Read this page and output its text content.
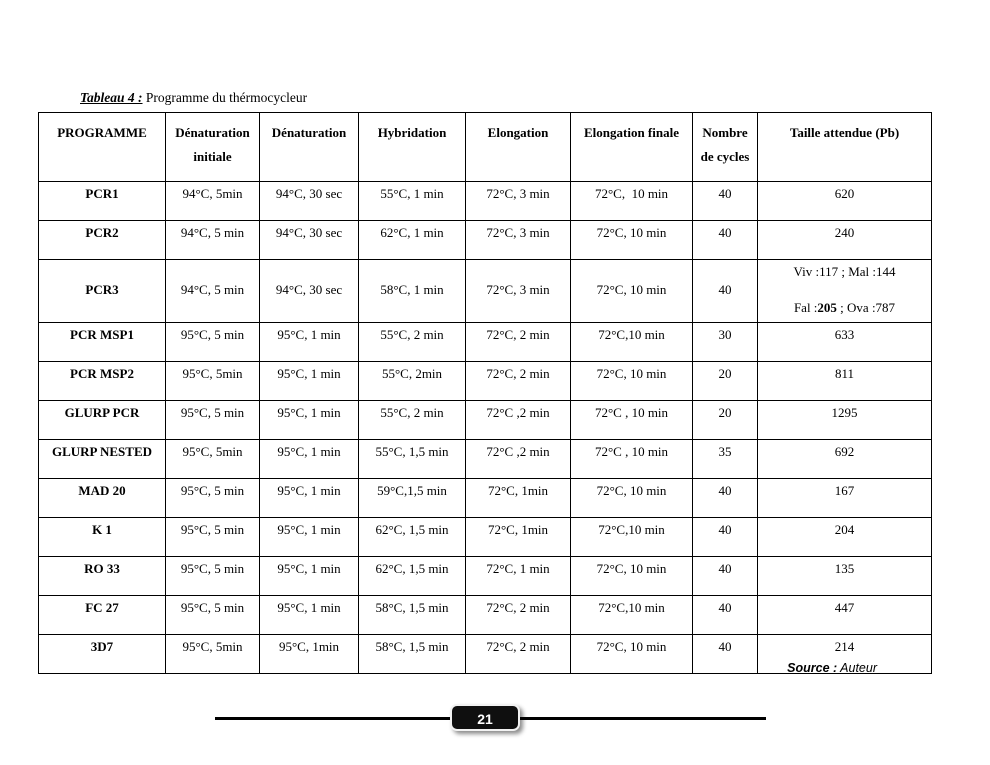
Tableau 4 : Programme du thérmocycleur
PROGRAMME	Dénaturation initiale	Dénaturation	Hybridation	Elongation	Elongation finale	Nombre de cycles	Taille attendue (Pb)
PCR1	94°C, 5min	94°C, 30 sec	55°C, 1 min	72°C, 3 min	72°C,  10 min	40	620
PCR2	94°C, 5 min	94°C, 30 sec	62°C, 1 min	72°C, 3 min	72°C, 10 min	40	240
PCR3	94°C, 5 min	94°C, 30 sec	58°C, 1 min	72°C, 3 min	72°C, 10 min	40	Viv :117 ; Mal :144
Fal :205 ; Ova :787

PCR MSP1	95°C, 5 min	95°C, 1 min	55°C, 2 min	72°C, 2 min	72°C,10 min	30	633
PCR MSP2	95°C, 5min	95°C, 1 min	55°C, 2min	72°C, 2 min	72°C, 10 min	20	811
GLURP PCR	95°C, 5 min	95°C, 1 min	55°C, 2 min	72°C ,2 min	72°C , 10 min	20	1295
GLURP NESTED	95°C, 5min	95°C, 1 min	55°C, 1,5 min	72°C ,2 min	72°C , 10 min	35	692
MAD 20	95°C, 5 min	95°C, 1 min	59°C,1,5 min	72°C, 1min	72°C, 10 min	40	167
K 1	95°C, 5 min	95°C, 1 min	62°C, 1,5 min	72°C, 1min	72°C,10 min	40	204
RO 33	95°C, 5 min	95°C, 1 min	62°C, 1,5 min	72°C, 1 min	72°C, 10 min	40	135
FC 27	95°C, 5 min	95°C, 1 min	58°C, 1,5 min	72°C, 2 min	72°C,10 min	40	447
3D7	95°C, 5min	95°C, 1min	58°C, 1,5 min	72°C, 2 min	72°C, 10 min	40	214
Source : Auteur
21
